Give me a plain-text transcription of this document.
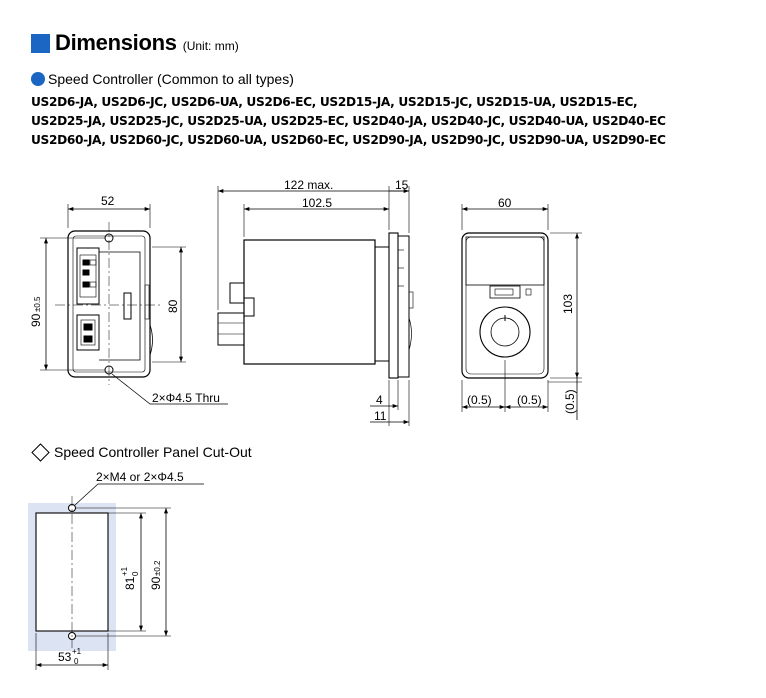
Dimensions (Unit: mm)
Speed Controller (Common to all types)
US2D6-JA, US2D6-JC, US2D6-UA, US2D6-EC, US2D15-JA, US2D15-JC, US2D15-UA, US2D15-EC,
US2D25-JA, US2D25-JC, US2D25-UA, US2D25-EC, US2D40-JA, US2D40-JC, US2D40-UA, US2D40-EC
US2D60-JA, US2D60-JC, US2D60-UA, US2D60-EC, US2D90-JA, US2D90-JC, US2D90-UA, US2D90-EC
Speed Controller Panel Cut-Out
52
90
±0.5	80
2×Φ4.5 Thru
122 max.
102.5
15
4
11
60
103
(0.5) (0.5) (0.5)
2×M4 or 2×Φ4.5
81
+1 0
90
±0.2
53 +1
0
